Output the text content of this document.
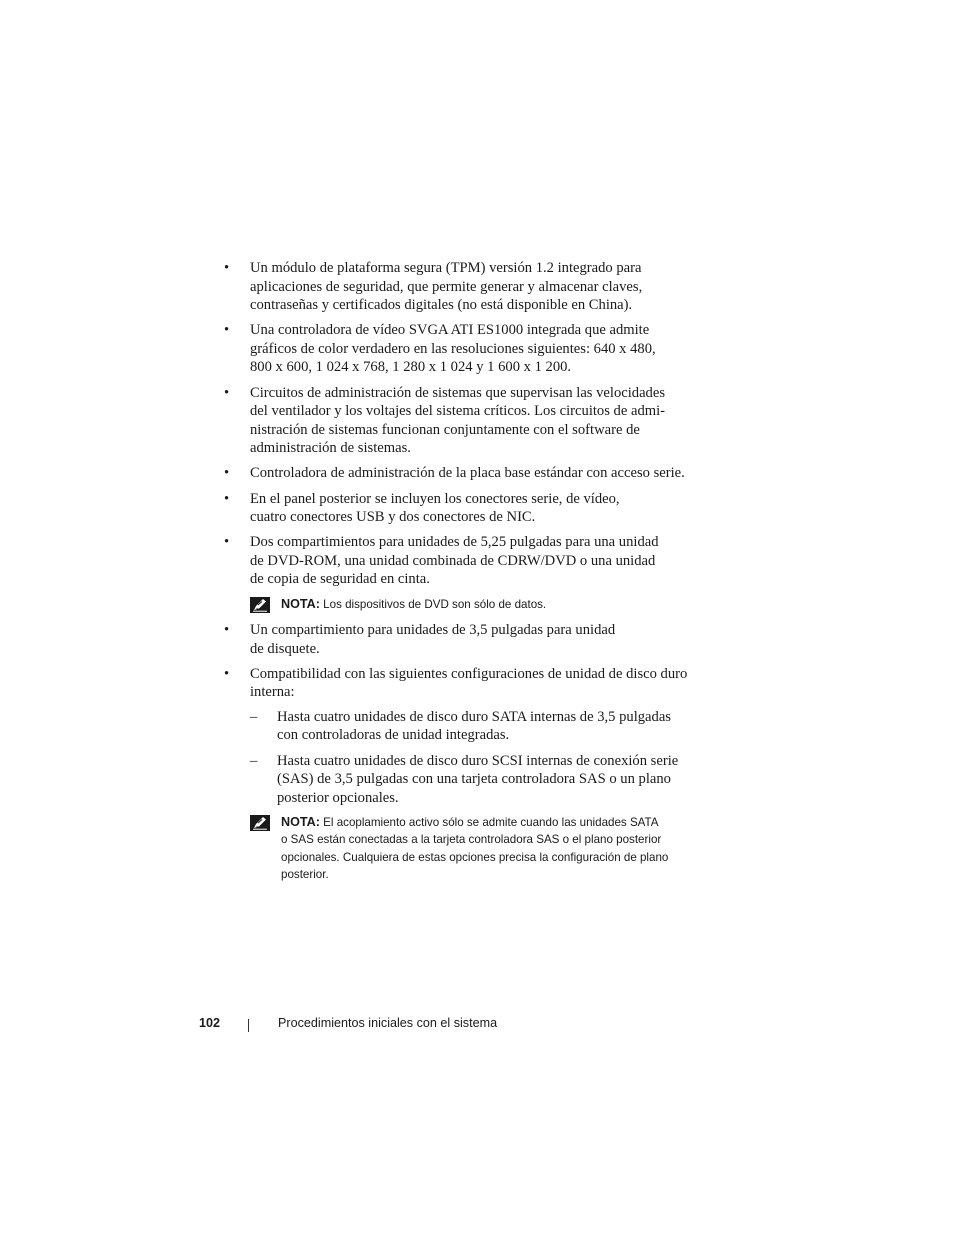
• Un módulo de plataforma segura (TPM) versión 1.2 integrado para
aplicaciones de seguridad, que permite generar y almacenar claves,
contraseñas y certificados digitales (no está disponible en China).
• Una controladora de vídeo SVGA ATI ES1000 integrada que admite
gráficos de color verdadero en las resoluciones siguientes: 640 x 480,
800 x 600, 1 024 x 768, 1 280 x 1 024 y 1 600 x 1 200.
• Circuitos de administración de sistemas que supervisan las velocidades
del ventilador y los voltajes del sistema críticos. Los circuitos de admi-
nistración de sistemas funcionan conjuntamente con el software de
administración de sistemas.
• Controladora de administración de la placa base estándar con acceso serie.
• En el panel posterior se incluyen los conectores serie, de vídeo,
cuatro conectores USB y dos conectores de NIC.
• Dos compartimientos para unidades de 5,25 pulgadas para una unidad
de DVD-ROM, una unidad combinada de CDRW/DVD o una unidad
de copia de seguridad en cinta.
NOTA: Los dispositivos de DVD son sólo de datos.
• Un compartimiento para unidades de 3,5 pulgadas para unidad
de disquete.
• Compatibilidad con las siguientes configuraciones de unidad de disco duro
interna:
– Hasta cuatro unidades de disco duro SATA internas de 3,5 pulgadas
con controladoras de unidad integradas.
– Hasta cuatro unidades de disco duro SCSI internas de conexión serie
(SAS) de 3,5 pulgadas con una tarjeta controladora SAS o un plano
posterior opcionales.
NOTA: El acoplamiento activo sólo se admite cuando las unidades SATA
o SAS están conectadas a la tarjeta controladora SAS o el plano posterior
opcionales. Cualquiera de estas opciones precisa la configuración de plano
posterior.
102	Procedimientos iniciales con el sistema
